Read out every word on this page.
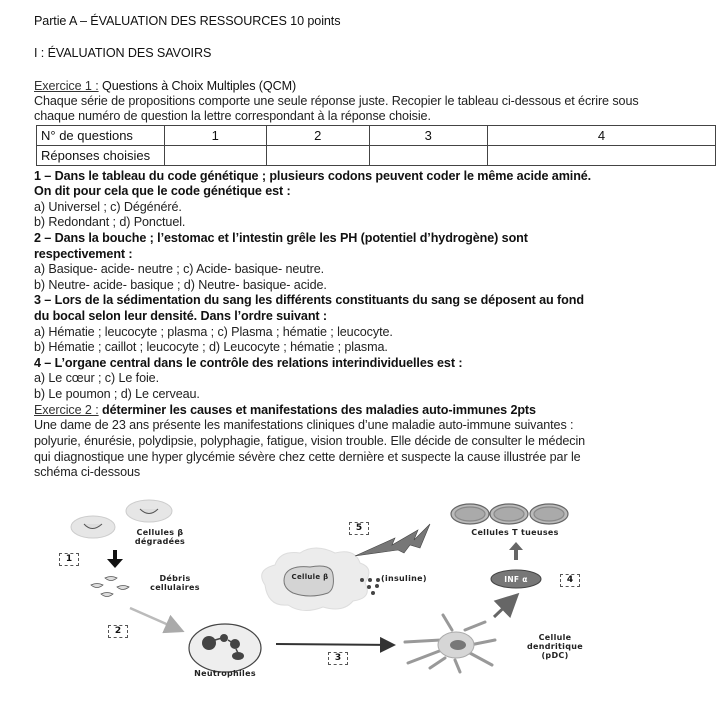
Partie A – ÉVALUATION DES RESSOURCES 10 points
I : ÉVALUATION DES SAVOIRS
Exercice 1 : Questions à Choix Multiples (QCM)
Chaque série de propositions comporte une seule réponse juste. Recopier le tableau ci-dessous et écrire sous
chaque numéro de question la lettre correspondant à la réponse choisie.
N° de questions	1	2	3	4
Réponses choisies				
1 – Dans le tableau du code génétique ; plusieurs codons peuvent coder le même acide aminé.
On dit pour cela que le code génétique est :
a) Universel ; c) Dégénéré.
b) Redondant ; d) Ponctuel.
2 – Dans la bouche ; l’estomac et l’intestin grêle les PH (potentiel d’hydrogène) sont
respectivement :
a) Basique- acide- neutre ; c) Acide- basique- neutre.
b) Neutre- acide- basique ; d) Neutre- basique- acide.
3 – Lors de la sédimentation du sang les différents constituants du sang se déposent au fond
du bocal selon leur densité. Dans l’ordre suivant :
a) Hématie ; leucocyte ; plasma ; c) Plasma ; hématie ; leucocyte.
b) Hématie ; caillot ; leucocyte ; d) Leucocyte ; hématie ; plasma.
4 – L’organe central dans le contrôle des relations interindividuelles est :
a) Le cœur ; c) Le foie.
b) Le poumon ; d) Le cerveau.
Exercice 2 : déterminer les causes et manifestations des maladies auto-immunes 2pts
Une dame de 23 ans présente les manifestations cliniques d’une maladie auto-immune suivantes :
polyurie, énurésie, polydipsie, polyphagie, fatigue, vision trouble. Elle décide de consulter le médecin
qui diagnostique une hyper glycémie sévère chez cette dernière et suspecte la cause illustrée par le
schéma ci-dessous
Cellules β
dégradées
Débris
cellulaires
Cellule β	(insuline)
Cellules T tueuses
INF α
Cellule
dendritique
(pDC)
Neutrophiles
1
2
3
4
5
